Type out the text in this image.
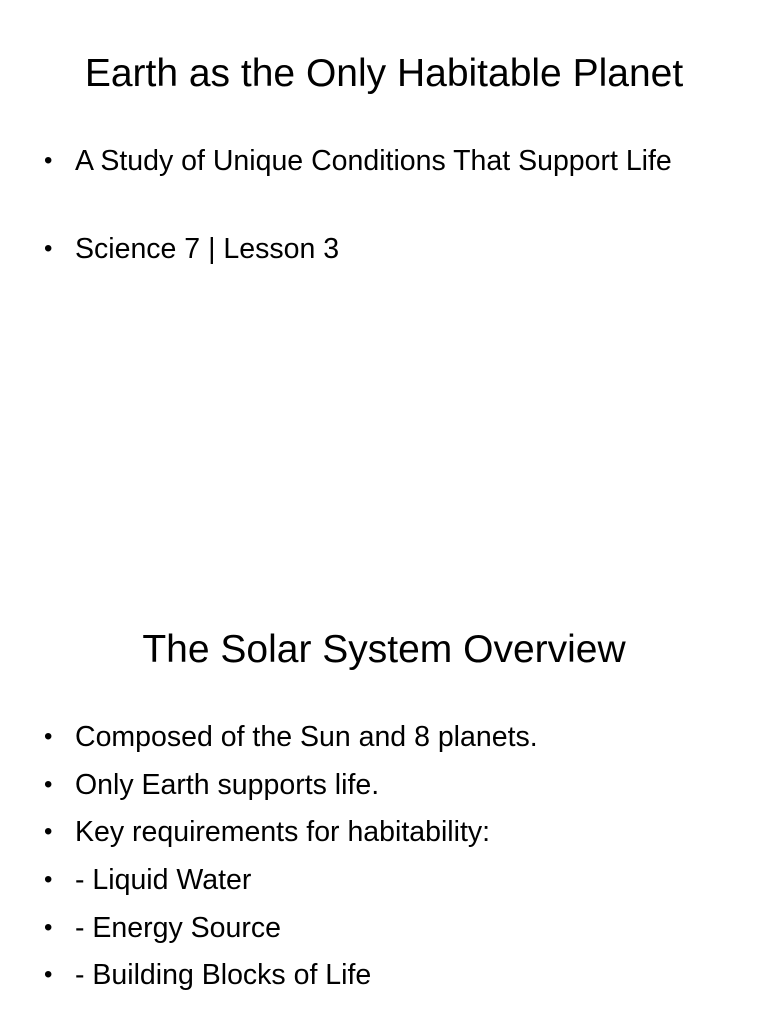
Earth as the Only Habitable Planet
• A Study of Unique Conditions That Support Life
• Science 7 | Lesson 3
The Solar System Overview
• Composed of the Sun and 8 planets.
• Only Earth supports life.
• Key requirements for habitability:
• - Liquid Water
• - Energy Source
• - Building Blocks of Life
